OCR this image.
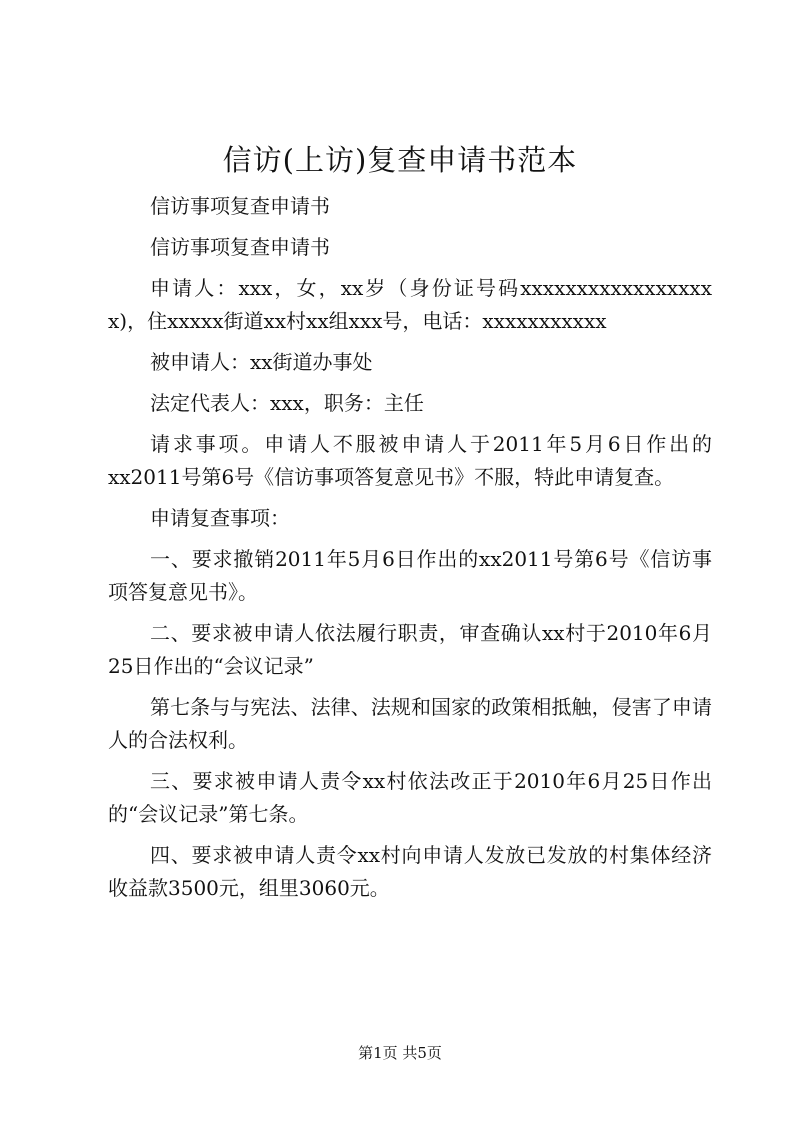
信访(上访)复查申请书范本

信访事项复查申请书

信访事项复查申请书

申请人：xxx，女，xx岁（身份证号码xxxxxxxxxxxxxxxxxx)，住xxxxx街道xx村xx组xxx号，电话：xxxxxxxxxxx

被申请人：xx街道办事处

法定代表人：xxx，职务：主任

请求事项。申请人不服被申请人于2011年5月6日作出的xx2011号第6号《信访事项答复意见书》不服，特此申请复查。

申请复查事项：

一、要求撤销2011年5月6日作出的xx2011号第6号《信访事项答复意见书》。

二、要求被申请人依法履行职责，审查确认xx村于2010年6月25日作出的“会议记录”

第七条与与宪法、法律、法规和国家的政策相抵触，侵害了申请人的合法权利。

三、要求被申请人责令xx村依法改正于2010年6月25日作出的“会议记录”第七条。

四、要求被申请人责令xx村向申请人发放已发放的村集体经济收益款3500元，组里3060元。

第1页 共5页
